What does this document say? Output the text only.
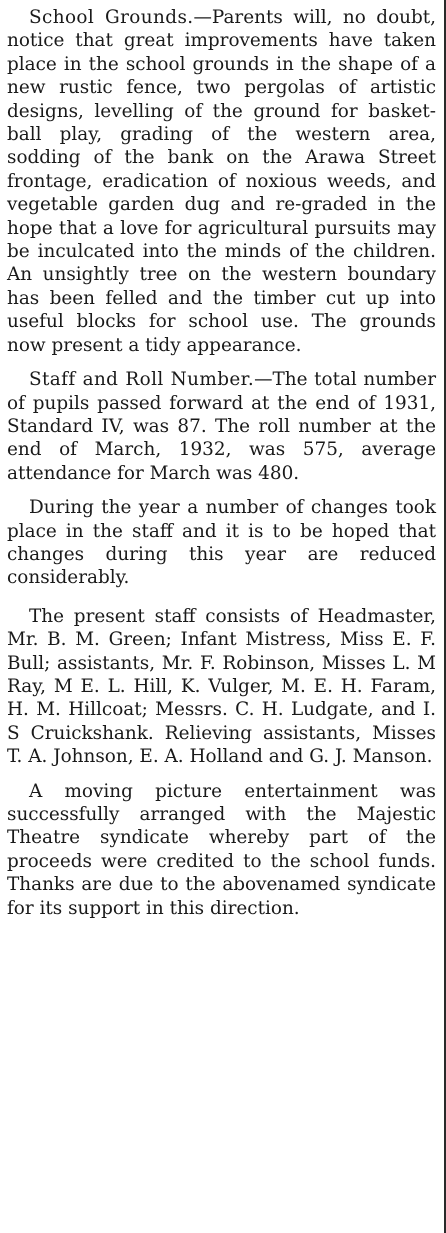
School Grounds.—Parents will, no doubt, notice that great improvements have taken place in the school grounds in the shape of a new rustic fence, two pergolas of artistic designs, levelling of the ground for basket-ball play, grading of the western area, sodding of the bank on the Arawa Street frontage, eradication of noxious weeds, and vegetable garden dug and re-graded in the hope that a love for agricultural pursuits may be inculcated into the minds of the children. An unsightly tree on the western boundary has been felled and the timber cut up into useful blocks for school use. The grounds now present a tidy appearance.

Staff and Roll Number.—The total number of pupils passed forward at the end of 1931, Standard IV, was 87. The roll number at the end of March, 1932, was 575, average attendance for March was 480.

During the year a number of changes took place in the staff and it is to be hoped that changes during this year are reduced considerably.

The present staff consists of Headmaster, Mr. B. M. Green; Infant Mistress, Miss E. F. Bull; assistants, Mr. F. Robinson, Misses L. M Ray, M E. L. Hill, K. Vulger, M. E. H. Faram, H. M. Hillcoat; Messrs. C. H. Ludgate, and I. S Cruickshank. Relieving assistants, Misses T. A. Johnson, E. A. Holland and G. J. Manson.

A moving picture entertainment was successfully arranged with the Majestic Theatre syndicate whereby part of the proceeds were credited to the school funds. Thanks are due to the abovenamed syndicate for its support in this direction.
